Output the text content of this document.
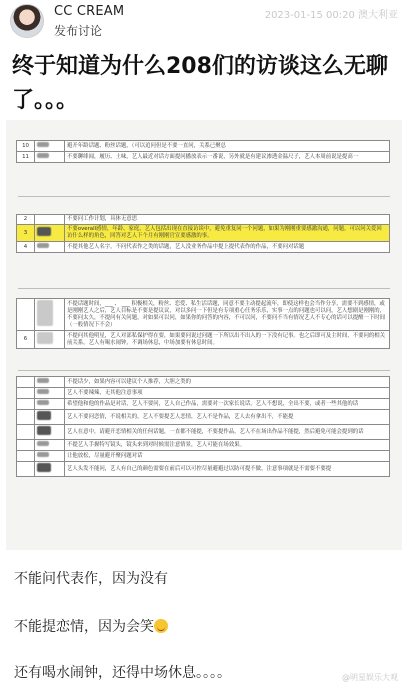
CC CREAM
发布讨论
2023-01-15 00:20 澳大利亚
终于知道为什么208们的访谈这么无聊了。。。
10		避开年龄话题、粉丝话题，（可以追问但是不要一直问，关系已聚总
11		不要聊绯闻，履历、土味，艺人最近对话方面提问播放表示一番说，另外就是有建议渗透金温尺子，艺人本周前说是提高一
2		不要问工作计划，具体无意思
3		不要overall感情，年龄、家庭，艺人包括出现在直接访谈中，避免重复同一个问题，如果为刚刚重要感激沟通，问题，可以问关爱回访什么样的角色，回答对艺人下个月有刚刚官宣要感激的事。
4		不提其他艺人名字，不问代表作之类的话题，艺人没业务作品中提上提代表作的作品，不要问对话题
		不提话题时间，___ 、 ___ 积极相关，粉丝、恋爱、私生活话题，同意不要主动提起流年，即使这样也会当作分享，需要不到感情，或是刚刚艺人之后，艺人目标是不要是提议议，对以多问一下但是有专项重心任务乐乐，实事一点的问题也可以问，艺人想剧是刚刚的，不要问太久，不提问有关问题，对如果可以问，如果你的问答的内容，不可以问，不要问不当有情况艺人不专心的话可以提醒一下时间（一般情况下不会）
6		不提问其他明星，艺人对部私保护得在要，如果要问说过问题一下所以出不出入的一下没有记事。也之后即可及主时间，不要问的相关前关系，艺人有喝水闹钟，不调场休息，中场加要有休息时间。
		不提话少，如果内容可以建议个人推荐，大胆之类的
		艺人不要辣辣，无其他注意事项
		希望他和他的作品是对话，艺人不要问，艺人自己作品，需要对一次家长说话，艺人不想说，全出不要，或者一些其他的话
		艺人不要问恋情，不说相关的，艺人不要提艺人恋情，艺人不是作品，艺人去有拿出不，不能提
		艺人在意中，请避开恋情相关的任何话题，一直都不能提，不要提作品，艺人不在场出作品不能提，然后避免可能会提到的话
		不提艺人手握特写镜头，镜头来到对时候需注意情景，艺人可能在场效果。
		让他放松，尽量避开聚问题对话
		艺人头发不能问，艺人有自己的颜色需要在前后可以可控尽量避避过以防可提不做，注意事项就是不需要不要提
不能问代表作，因为没有
不能提恋情，因为会笑
还有喝水闹钟，还得中场休息。。。。	@明星娱乐大观
